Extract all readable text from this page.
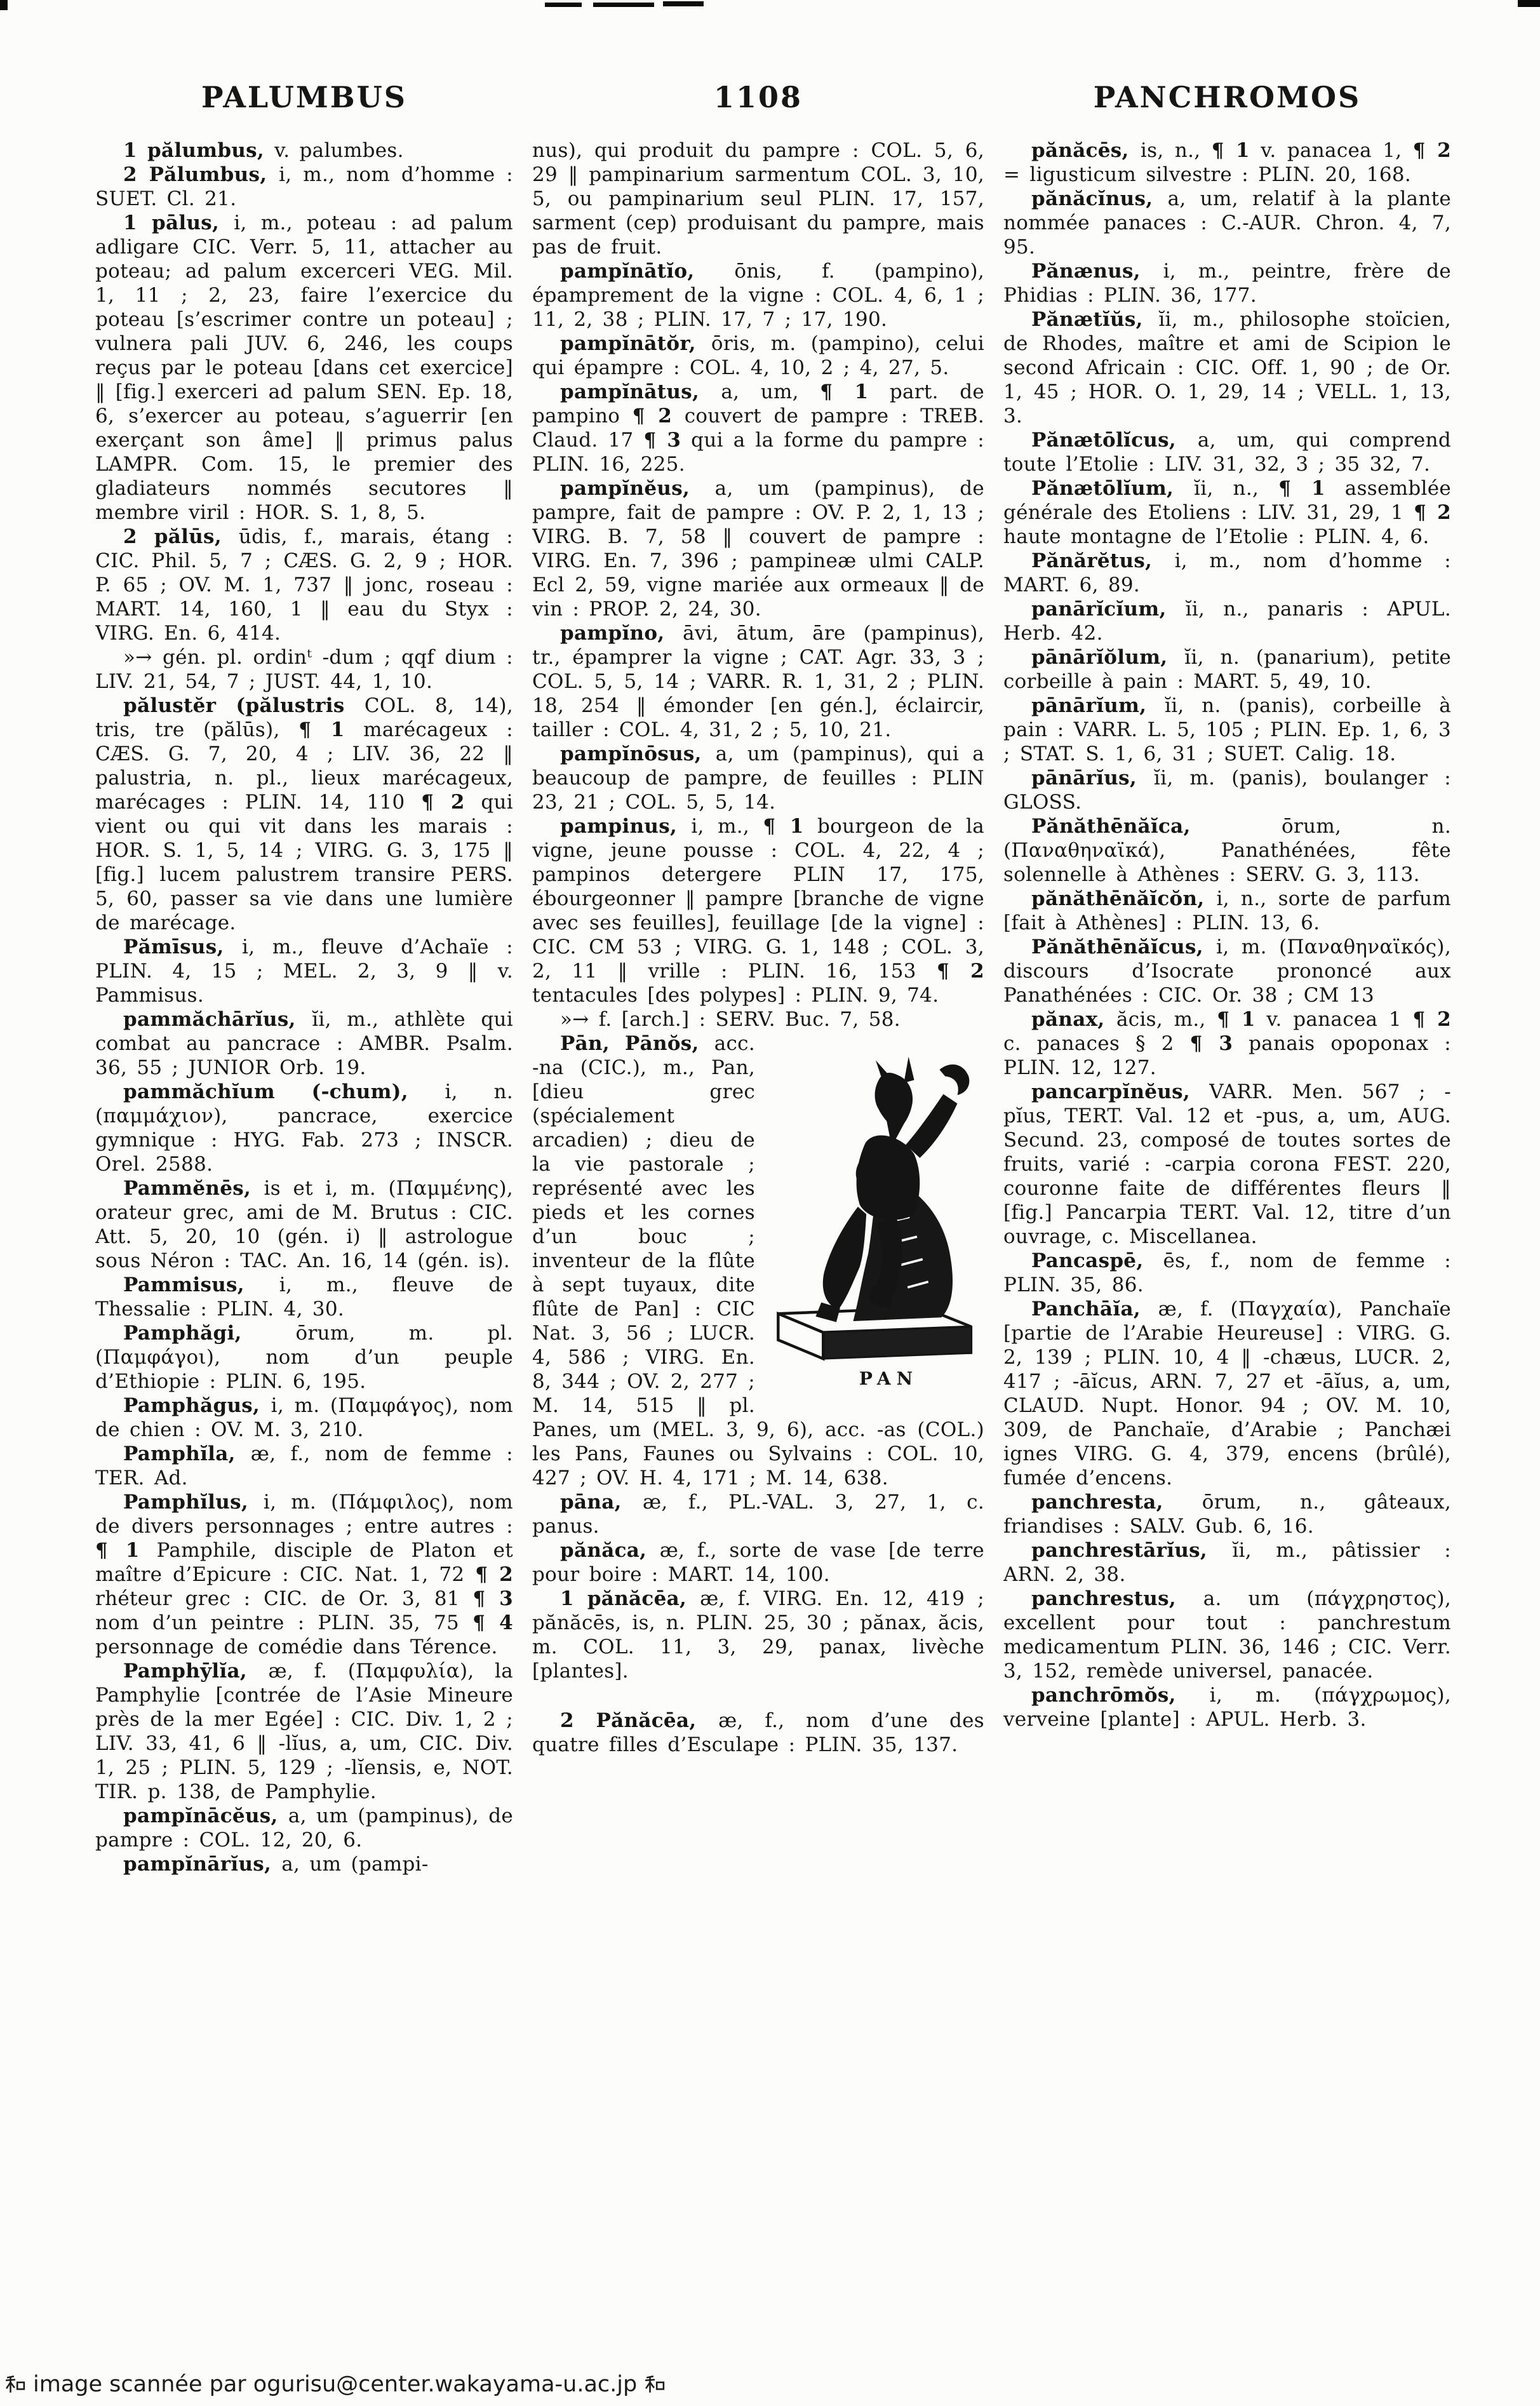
PALUMBUS	1108	PANCHROMOS

1 pălumbus, v. palumbes.

2 Pălumbus, i, m., nom d’homme : SUET. Cl. 21.

1 pālus, i, m., poteau : ad palum adligare CIC. Verr. 5, 11, attacher au poteau; ad palum excerceri VEG. Mil. 1, 11 ; 2, 23, faire l’exercice du poteau [s’escrimer contre un poteau] ; vulnera pali JUV. 6, 246, les coups reçus par le poteau [dans cet exercice] ‖ [fig.] exerceri ad palum SEN. Ep. 18, 6, s’exercer au poteau, s’aguerrir [en exerçant son âme] ‖ primus palus LAMPR. Com. 15, le premier des gladiateurs nommés secutores ‖ membre viril : HOR. S. 1, 8, 5.

2 pălūs, ūdis, f., marais, étang : CIC. Phil. 5, 7 ; CÆS. G. 2, 9 ; HOR. P. 65 ; OV. M. 1, 737 ‖ jonc, roseau : MART. 14, 160, 1 ‖ eau du Styx : VIRG. En. 6, 414.

»→ gén. pl. ordinᵗ -dum ; qqf dium : LIV. 21, 54, 7 ; JUST. 44, 1, 10.

pălustĕr (pălustris COL. 8, 14), tris, tre (pălūs), ¶ 1 marécageux : CÆS. G. 7, 20, 4 ; LIV. 36, 22 ‖ palustria, n. pl., lieux marécageux, marécages : PLIN. 14, 110 ¶ 2 qui vient ou qui vit dans les marais : HOR. S. 1, 5, 14 ; VIRG. G. 3, 175 ‖ [fig.] lucem palustrem transire PERS. 5, 60, passer sa vie dans une lumière de marécage.

Pămīsus, i, m., fleuve d’Achaïe : PLIN. 4, 15 ; MEL. 2, 3, 9 ‖ v. Pammisus.

pammăchārĭus, ĭi, m., athlète qui combat au pancrace : AMBR. Psalm. 36, 55 ; JUNIOR Orb. 19.

pammăchĭum (-chum), i, n. (παμμάχιον), pancrace, exercice gymnique : HYG. Fab. 273 ; INSCR. Orel. 2588.

Pammĕnēs, is et i, m. (Παμμένης), orateur grec, ami de M. Brutus : CIC. Att. 5, 20, 10 (gén. i) ‖ astrologue sous Néron : TAC. An. 16, 14 (gén. is).

Pammisus, i, m., fleuve de Thessalie : PLIN. 4, 30.

Pamphăgi, ōrum, m. pl. (Παμφάγοι), nom d’un peuple d’Ethiopie : PLIN. 6, 195.

Pamphăgus, i, m. (Παμφάγος), nom de chien : OV. M. 3, 210.

Pamphĭla, æ, f., nom de femme : TER. Ad.

Pamphĭlus, i, m. (Πάμφιλος), nom de divers personnages ; entre autres : ¶ 1 Pamphile, disciple de Platon et maître d’Epicure : CIC. Nat. 1, 72 ¶ 2 rhéteur grec : CIC. de Or. 3, 81 ¶ 3 nom d’un peintre : PLIN. 35, 75 ¶ 4 personnage de comédie dans Térence.

Pamphȳlĭa, æ, f. (Παμφυλία), la Pamphylie [contrée de l’Asie Mineure près de la mer Egée] : CIC. Div. 1, 2 ; LIV. 33, 41, 6 ‖ -lĭus, a, um, CIC. Div. 1, 25 ; PLIN. 5, 129 ; -lĭensis, e, NOT. TIR. p. 138, de Pamphylie.

pampĭnācĕus, a, um (pampinus), de pampre : COL. 12, 20, 6.

pampĭnārĭus, a, um (pampi-

nus), qui produit du pampre : COL. 5, 6, 29 ‖ pampinarium sarmentum COL. 3, 10, 5, ou pampinarium seul PLIN. 17, 157, sarment (cep) produisant du pampre, mais pas de fruit.

pampĭnātĭo, ōnis, f. (pampino), épamprement de la vigne : COL. 4, 6, 1 ; 11, 2, 38 ; PLIN. 17, 7 ; 17, 190.

pampĭnātŏr, ōris, m. (pampino), celui qui épampre : COL. 4, 10, 2 ; 4, 27, 5.

pampĭnātus, a, um, ¶ 1 part. de pampino ¶ 2 couvert de pampre : TREB. Claud. 17 ¶ 3 qui a la forme du pampre : PLIN. 16, 225.

pampĭnĕus, a, um (pampinus), de pampre, fait de pampre : OV. P. 2, 1, 13 ; VIRG. B. 7, 58 ‖ couvert de pampre : VIRG. En. 7, 396 ; pampineæ ulmi CALP. Ecl 2, 59, vigne mariée aux ormeaux ‖ de vin : PROP. 2, 24, 30.

pampĭno, āvi, ātum, āre (pampinus), tr., épamprer la vigne ; CAT. Agr. 33, 3 ; COL. 5, 5, 14 ; VARR. R. 1, 31, 2 ; PLIN. 18, 254 ‖ émonder [en gén.], éclaircir, tailler : COL. 4, 31, 2 ; 5, 10, 21.

pampĭnōsus, a, um (pampinus), qui a beaucoup de pampre, de feuilles : PLIN 23, 21 ; COL. 5, 5, 14.

pampinus, i, m., ¶ 1 bourgeon de la vigne, jeune pousse : COL. 4, 22, 4 ; pampinos detergere PLIN 17, 175, ébourgeonner ‖ pampre [branche de vigne avec ses feuilles], feuillage [de la vigne] : CIC. CM 53 ; VIRG. G. 1, 148 ; COL. 3, 2, 11 ‖ vrille : PLIN. 16, 153 ¶ 2 tentacules [des polypes] : PLIN. 9, 74.

»→ f. [arch.] : SERV. Buc. 7, 58.

PAN
Pān, Pānŏs, acc. -na (CIC.), m., Pan, [dieu grec (spécialement arcadien) ; dieu de la vie pastorale ; représenté avec les pieds et les cornes d’un bouc ; inventeur de la flûte à sept tuyaux, dite flûte de Pan] : CIC Nat. 3, 56 ; LUCR. 4, 586 ; VIRG. En. 8, 344 ; OV. 2, 277 ; M. 14, 515 ‖ pl. Panes, um (MEL. 3, 9, 6), acc. -as (COL.) les Pans, Faunes ou Sylvains : COL. 10, 427 ; OV. H. 4, 171 ; M. 14, 638.

pāna, æ, f., PL.-VAL. 3, 27, 1, c. panus.

pănăca, æ, f., sorte de vase [de terre pour boire : MART. 14, 100.

1 pănăcēa, æ, f. VIRG. En. 12, 419 ; pănăcēs, is, n. PLIN. 25, 30 ; pănax, ăcis, m. COL. 11, 3, 29, panax, livèche [plantes].

2 Pănăcēa, æ, f., nom d’une des quatre filles d’Esculape : PLIN. 35, 137.

pănăcēs, is, n., ¶ 1 v. panacea 1, ¶ 2 = ligusticum silvestre : PLIN. 20, 168.

pănăcĭnus, a, um, relatif à la plante nommée panaces : C.-AUR. Chron. 4, 7, 95.

Pănænus, i, m., peintre, frère de Phidias : PLIN. 36, 177.

Pănætĭŭs, ĭi, m., philosophe stoïcien, de Rhodes, maître et ami de Scipion le second Africain : CIC. Off. 1, 90 ; de Or. 1, 45 ; HOR. O. 1, 29, 14 ; VELL. 1, 13, 3.

Pănætōlĭcus, a, um, qui comprend toute l’Etolie : LIV. 31, 32, 3 ; 35 32, 7.

Pănætōlĭum, ĭi, n., ¶ 1 assemblée générale des Etoliens : LIV. 31, 29, 1 ¶ 2 haute montagne de l’Etolie : PLIN. 4, 6.

Pănărĕtus, i, m., nom d’homme : MART. 6, 89.

panārĭcĭum, ĭi, n., panaris : APUL. Herb. 42.

pānārĭŏlum, ĭi, n. (panarium), petite corbeille à pain : MART. 5, 49, 10.

pānārĭum, ĭi, n. (panis), corbeille à pain : VARR. L. 5, 105 ; PLIN. Ep. 1, 6, 3 ; STAT. S. 1, 6, 31 ; SUET. Calig. 18.

pānārĭus, ĭi, m. (panis), boulanger : GLOSS.

Pănăthēnăĭca, ōrum, n. (Παναθηναϊκά), Panathénées, fête solennelle à Athènes : SERV. G. 3, 113.

pănăthēnăĭcŏn, i, n., sorte de parfum [fait à Athènes] : PLIN. 13, 6.

Pănăthēnăĭcus, i, m. (Παναθηναϊκός), discours d’Isocrate prononcé aux Panathénées : CIC. Or. 38 ; CM 13

pănax, ăcis, m., ¶ 1 v. panacea 1 ¶ 2 c. panaces § 2 ¶ 3 panais opoponax : PLIN. 12, 127.

pancarpĭnĕus, VARR. Men. 567 ; -pĭus, TERT. Val. 12 et -pus, a, um, AUG. Secund. 23, composé de toutes sortes de fruits, varié : -carpia corona FEST. 220, couronne faite de différentes fleurs ‖ [fig.] Pancarpia TERT. Val. 12, titre d’un ouvrage, c. Miscellanea.

Pancaspē, ēs, f., nom de femme : PLIN. 35, 86.

Panchāĭa, æ, f. (Παγχαία), Panchaïe [partie de l’Arabie Heureuse] : VIRG. G. 2, 139 ; PLIN. 10, 4 ‖ -chæus, LUCR. 2, 417 ; -āĭcus, ARN. 7, 27 et -āĭus, a, um, CLAUD. Nupt. Honor. 94 ; OV. M. 10, 309, de Panchaïe, d’Arabie ; Panchæi ignes VIRG. G. 4, 379, encens (brûlé), fumée d’encens.

panchresta, ōrum, n., gâteaux, friandises : SALV. Gub. 6, 16.

panchrestārĭus, ĭi, m., pâtissier : ARN. 2, 38.

panchrestus, a. um (πάγχρηστος), excellent pour tout : panchrestum medicamentum PLIN. 36, 146 ; CIC. Verr. 3, 152, remède universel, panacée.

panchrōmŏs, i, m. (πάγχρωμος), verveine [plante] : APUL. Herb. 3.

image scannée par ogurisu@center.wakayama-u.ac.jp
